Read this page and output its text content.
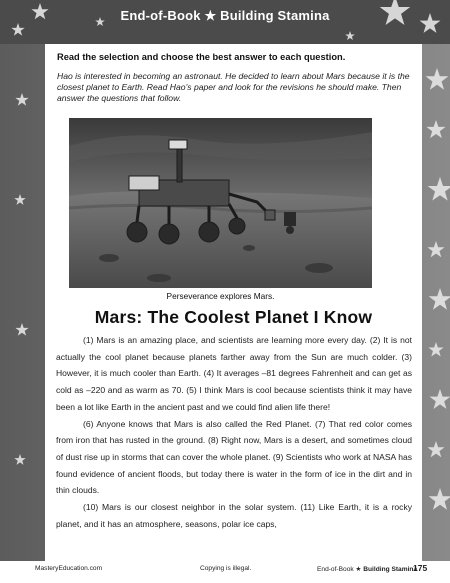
End-of-Book ★ Building Stamina
Read the selection and choose the best answer to each question.
Hao is interested in becoming an astronaut. He decided to learn about Mars because it is the closest planet to Earth. Read Hao’s paper and look for the revisions he should make. Then answer the questions that follow.
Perseverance explores Mars.
Mars: The Coolest Planet I Know

(1) Mars is an amazing place, and scientists are learning more every day. (2) It is not actually the cool planet because planets farther away from the Sun are much colder. (3) However, it is much cooler than Earth. (4) It averages –81 degrees Fahrenheit and can get as cold as –220 and as warm as 70. (5) I think Mars is cool because scientists think it may have been a lot like Earth in the ancient past and we could find alien life there!

(6) Anyone knows that Mars is also called the Red Planet. (7) That red color comes from iron that has rusted in the ground. (8) Right now, Mars is a desert, and sometimes cloud of dust rise up in storms that can cover the whole planet. (9) Scientists who work at NASA has found evidence of ancient floods, but today there is water in the form of ice in the dirt and in thin clouds.

(10) Mars is our closest neighbor in the solar system. (11) Like Earth, it is a rocky planet, and it has an atmosphere, seasons, polar ice caps,

MasteryEducation.com	Copying is illegal.	End-of-Book ★ Building Stamina
175
